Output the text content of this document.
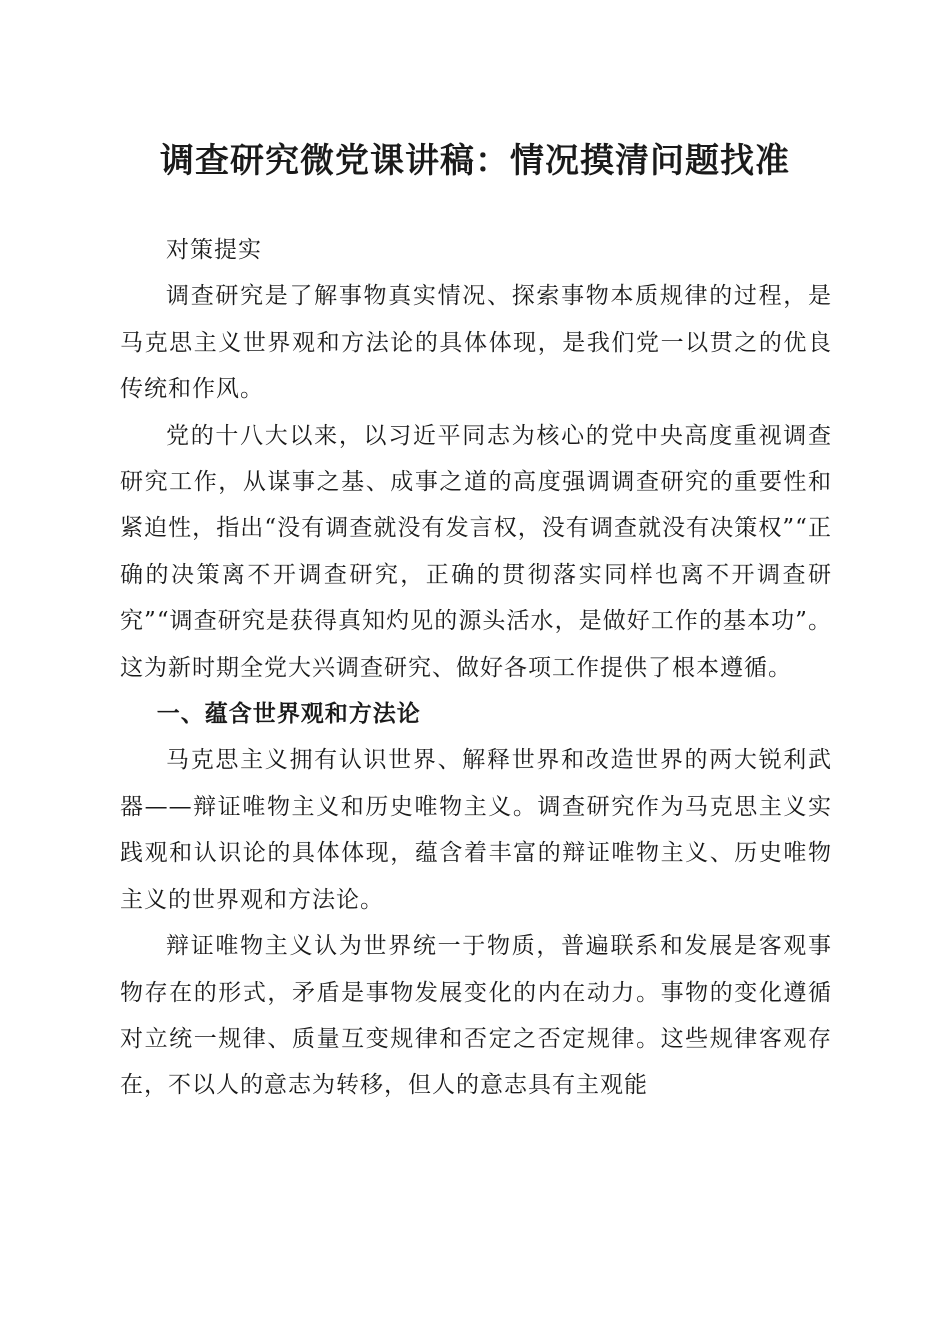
调查研究微党课讲稿：情况摸清问题找准

对策提实

调查研究是了解事物真实情况、探索事物本质规律的过程，是马克思主义世界观和方法论的具体体现，是我们党一以贯之的优良传统和作风。

党的十八大以来，以习近平同志为核心的党中央高度重视调查研究工作，从谋事之基、成事之道的高度强调调查研究的重要性和紧迫性，指出“没有调查就没有发言权，没有调查就没有决策权”“正确的决策离不开调查研究，正确的贯彻落实同样也离不开调查研究”“调查研究是获得真知灼见的源头活水，是做好工作的基本功”。这为新时期全党大兴调查研究、做好各项工作提供了根本遵循。

一、蕴含世界观和方法论

马克思主义拥有认识世界、解释世界和改造世界的两大锐利武器——辩证唯物主义和历史唯物主义。调查研究作为马克思主义实践观和认识论的具体体现，蕴含着丰富的辩证唯物主义、历史唯物主义的世界观和方法论。

辩证唯物主义认为世界统一于物质，普遍联系和发展是客观事物存在的形式，矛盾是事物发展变化的内在动力。事物的变化遵循对立统一规律、质量互变规律和否定之否定规律。这些规律客观存在，不以人的意志为转移，但人的意志具有主观能
